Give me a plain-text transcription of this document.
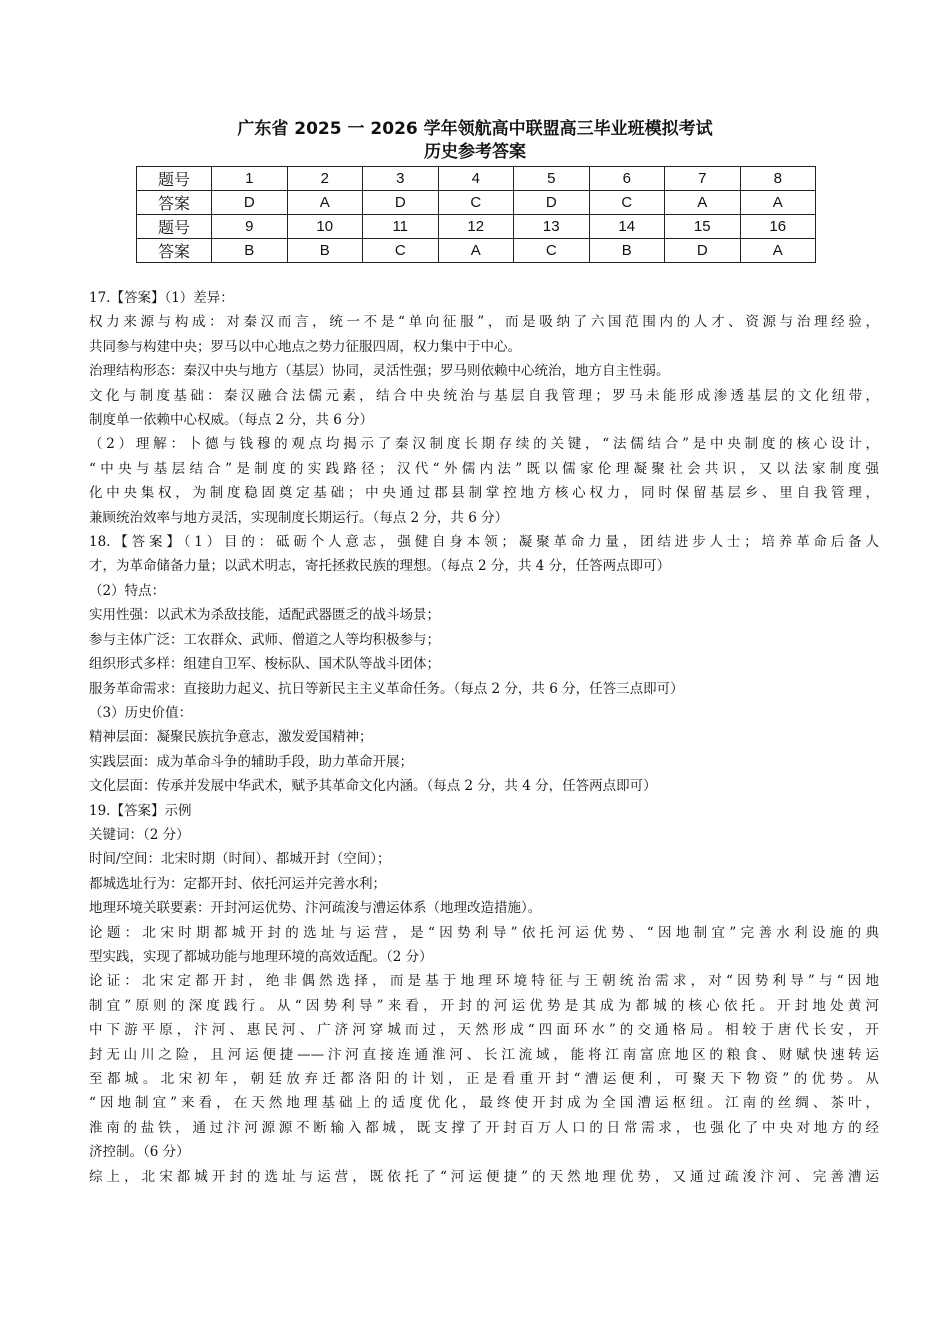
广东省 2025 一 2026 学年领航高中联盟高三毕业班模拟考试
历史参考答案
题号	1	2	3	4	5	6	7	8
答案	D	A	D	C	D	C	A	A
题号	9	10	11	12	13	14	15	16
答案	B	B	C	A	C	B	D	A

17.【答案】（1）差异：

权力来源与构成：对秦汉而言，统一不是“单向征服”，而是吸纳了六国范围内的人才、资源与治理经验，

共同参与构建中央；罗马以中心地点之势力征服四周，权力集中于中心。

治理结构形态：秦汉中央与地方（基层）协同，灵活性强；罗马则依赖中心统治，地方自主性弱。

文化与制度基础：秦汉融合法儒元素，结合中央统治与基层自我管理；罗马未能形成渗透基层的文化纽带，

制度单一依赖中心权威。（每点 2 分，共 6 分）

（2）理解：卜德与钱穆的观点均揭示了秦汉制度长期存续的关键，“法儒结合”是中央制度的核心设计，

“中央与基层结合”是制度的实践路径；汉代“外儒内法”既以儒家伦理凝聚社会共识，又以法家制度强

化中央集权，为制度稳固奠定基础；中央通过郡县制掌控地方核心权力，同时保留基层乡、里自我管理，

兼顾统治效率与地方灵活，实现制度长期运行。（每点 2 分，共 6 分）

18.【答案】（1）目的：砥砺个人意志，强健自身本领；凝聚革命力量，团结进步人士；培养革命后备人

才，为革命储备力量；以武术明志，寄托拯救民族的理想。（每点 2 分，共 4 分，任答两点即可）

（2）特点：

实用性强：以武术为杀敌技能，适配武器匮乏的战斗场景；

参与主体广泛：工农群众、武师、僧道之人等均积极参与；

组织形式多样：组建自卫军、梭标队、国术队等战斗团体；

服务革命需求：直接助力起义、抗日等新民主主义革命任务。（每点 2 分，共 6 分，任答三点即可）

（3）历史价值：

精神层面：凝聚民族抗争意志，激发爱国精神；

实践层面：成为革命斗争的辅助手段，助力革命开展；

文化层面：传承并发展中华武术，赋予其革命文化内涵。（每点 2 分，共 4 分，任答两点即可）

19.【答案】示例

关键词：（2 分）

时间/空间：北宋时期（时间）、都城开封（空间）；

都城选址行为：定都开封、依托河运并完善水利；

地理环境关联要素：开封河运优势、汴河疏浚与漕运体系（地理改造措施）。

论题：北宋时期都城开封的选址与运营，是“因势利导”依托河运优势、“因地制宜”完善水利设施的典

型实践，实现了都城功能与地理环境的高效适配。（2 分）

论证：北宋定都开封，绝非偶然选择，而是基于地理环境特征与王朝统治需求，对“因势利导”与“因地

制宜”原则的深度践行。从“因势利导”来看，开封的河运优势是其成为都城的核心依托。开封地处黄河

中下游平原，汴河、惠民河、广济河穿城而过，天然形成“四面环水”的交通格局。相较于唐代长安，开

封无山川之险，且河运便捷——汴河直接连通淮河、长江流域，能将江南富庶地区的粮食、财赋快速转运

至都城。北宋初年，朝廷放弃迁都洛阳的计划，正是看重开封“漕运便利，可聚天下物资”的优势。从

“因地制宜”来看，在天然地理基础上的适度优化，最终使开封成为全国漕运枢纽。江南的丝绸、茶叶，

淮南的盐铁，通过汴河源源不断输入都城，既支撑了开封百万人口的日常需求，也强化了中央对地方的经

济控制。（6 分）

综上，北宋都城开封的选址与运营，既依托了“河运便捷”的天然地理优势，又通过疏浚汴河、完善漕运
